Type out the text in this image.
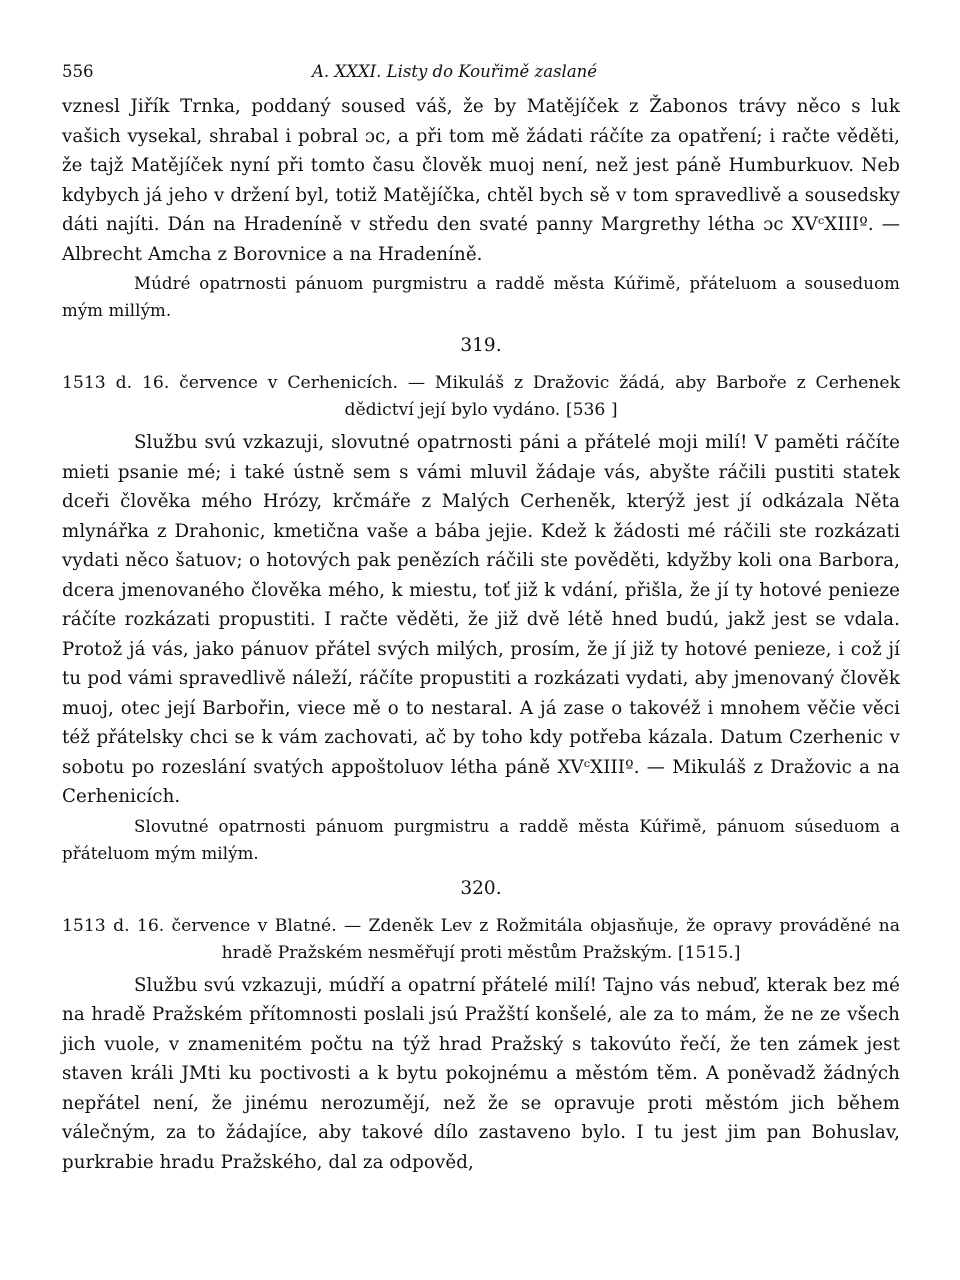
556	A. XXXI. Listy do Kouřimě zaslané

vznesl Jiřík Trnka, poddaný soused váš, že by Matějíček z Žabonos trávy něco s luk vašich vysekal, shrabal i pobral ɔc, a při tom mě žádati ráčíte za opatření; i račte věděti, že tajž Matějíček nyní při tomto času člověk muoj není, než jest páně Humburkuov. Neb kdybych já jeho v držení byl, totiž Matějíčka, chtěl bych sě v tom spravedlivě a sousedsky dáti najíti. Dán na Hradeníně v středu den svaté panny Margrethy létha ɔc XVᶜXIIIº. — Albrecht Amcha z Borovnice a na Hradeníně.

Múdré opatrnosti pánuom purgmistru a raddě města Kúřimě, přáteluom a souseduom mým millým.

319.

1513 d. 16. července v Cerhenicích. — Mikuláš z Dražovic žádá, aby Barboře z Cerhenek dědictví její bylo vydáno. [536 ]

Službu svú vzkazuji, slovutné opatrnosti páni a přátelé moji milí! V paměti ráčíte mieti psanie mé; i také ústně sem s vámi mluvil žádaje vás, abyšte ráčili pustiti statek dceři člověka mého Hrózy, krčmáře z Malých Cerheněk, kterýž jest jí odkázala Něta mlynářka z Drahonic, kmetična vaše a bába jejie. Kdež k žádosti mé ráčili ste rozkázati vydati něco šatuov; o hotových pak penězích ráčili ste pověděti, kdyžby koli ona Barbora, dcera jmenovaného člověka mého, k miestu, toť již k vdání, přišla, že jí ty hotové penieze ráčíte rozkázati propustiti. I račte věděti, že již dvě létě hned budú, jakž jest se vdala. Protož já vás, jako pánuov přátel svých milých, prosím, že jí již ty hotové penieze, i což jí tu pod vámi spravedlivě náleží, ráčíte propustiti a rozkázati vydati, aby jmenovaný člověk muoj, otec její Barbořin, viece mě o to nestaral. A já zase o takovéž i mnohem věčie věci též přátelsky chci se k vám zachovati, ač by toho kdy potřeba kázala. Datum Czerhenic v sobotu po rozeslání svatých appoštoluov létha páně XVᶜXIIIº. — Mikuláš z Dražovic a na Cerhenicích.

Slovutné opatrnosti pánuom purgmistru a raddě města Kúřimě, pánuom súseduom a přáteluom mým milým.

320.

1513 d. 16. července v Blatné. — Zdeněk Lev z Rožmitála objasňuje, že opravy prováděné na hradě Pražském nesměřují proti městům Pražským. [1515.]

Službu svú vzkazuji, múdří a opatrní přátelé milí! Tajno vás nebuď, kterak bez mé na hradě Pražském přítomnosti poslali jsú Pražští konšelé, ale za to mám, že ne ze všech jich vuole, v znamenitém počtu na týž hrad Pražský s takovúto řečí, že ten zámek jest staven králi JMti ku poctivosti a k bytu pokojnému a městóm těm. A poněvadž žádných nepřátel není, že jinému nerozumějí, než že se opravuje proti městóm jich během válečným, za to žádajíce, aby takové dílo zastaveno bylo. I tu jest jim pan Bohuslav, purkrabie hradu Pražského, dal za odpověd,
